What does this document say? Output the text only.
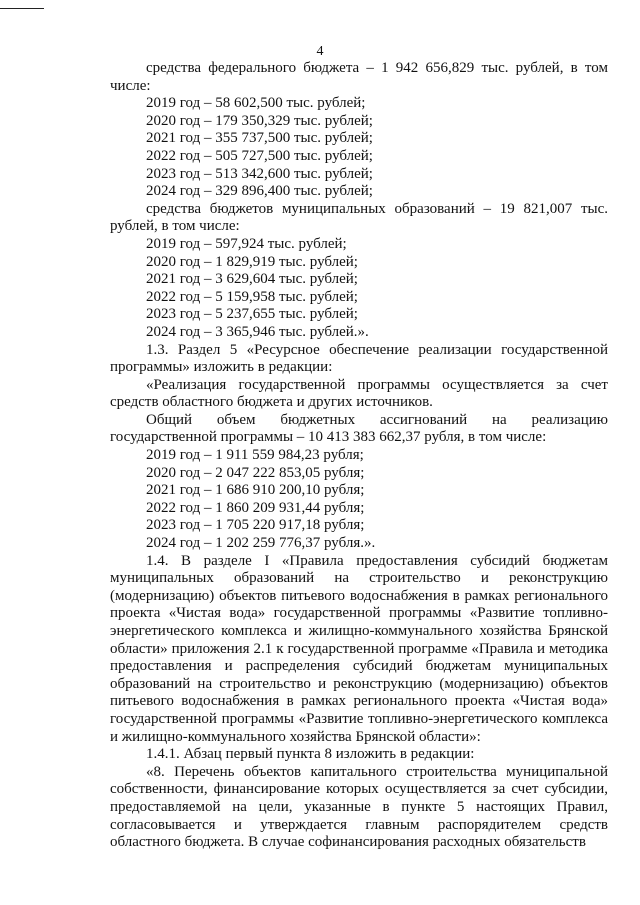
4

средства федерального бюджета – 1 942 656,829 тыс. рублей, в том числе:

2019 год – 58 602,500 тыс. рублей;

2020 год – 179 350,329 тыс. рублей;

2021 год – 355 737,500 тыс. рублей;

2022 год – 505 727,500 тыс. рублей;

2023 год – 513 342,600 тыс. рублей;

2024 год – 329 896,400 тыс. рублей;

средства бюджетов муниципальных образований – 19 821,007 тыс. рублей, в том числе:

2019 год – 597,924 тыс. рублей;

2020 год – 1 829,919 тыс. рублей;

2021 год – 3 629,604 тыс. рублей;

2022 год – 5 159,958 тыс. рублей;

2023 год – 5 237,655 тыс. рублей;

2024 год – 3 365,946 тыс. рублей.».

1.3. Раздел 5 «Ресурсное обеспечение реализации государственной программы» изложить в редакции:

«Реализация государственной программы осуществляется за счет средств областного бюджета и других источников.

Общий объем бюджетных ассигнований на реализацию государственной программы – 10 413 383 662,37 рубля, в том числе:

2019 год – 1 911 559 984,23 рубля;

2020 год – 2 047 222 853,05 рубля;

2021 год – 1 686 910 200,10 рубля;

2022 год – 1 860 209 931,44 рубля;

2023 год – 1 705 220 917,18 рубля;

2024 год – 1 202 259 776,37 рубля.».

1.4. В разделе I «Правила предоставления субсидий бюджетам муниципальных образований на строительство и реконструкцию (модернизацию) объектов питьевого водоснабжения в рамках регионального проекта «Чистая вода» государственной программы «Развитие топливно-энергетического комплекса и жилищно-коммунального хозяйства Брянской области» приложения 2.1 к государственной программе «Правила и методика предоставления и распределения субсидий бюджетам муниципальных образований на строительство и реконструкцию (модернизацию) объектов питьевого водоснабжения в рамках регионального проекта «Чистая вода» государственной программы «Развитие топливно-энергетического комплекса и жилищно-коммунального хозяйства Брянской области»:

1.4.1. Абзац первый пункта 8 изложить в редакции:

«8. Перечень объектов капитального строительства муниципальной собственности, финансирование которых осуществляется за счет субсидии, предоставляемой на цели, указанные в пункте 5 настоящих Правил, согласовывается и утверждается главным распорядителем средств областного бюджета. В случае софинансирования расходных обязательств
